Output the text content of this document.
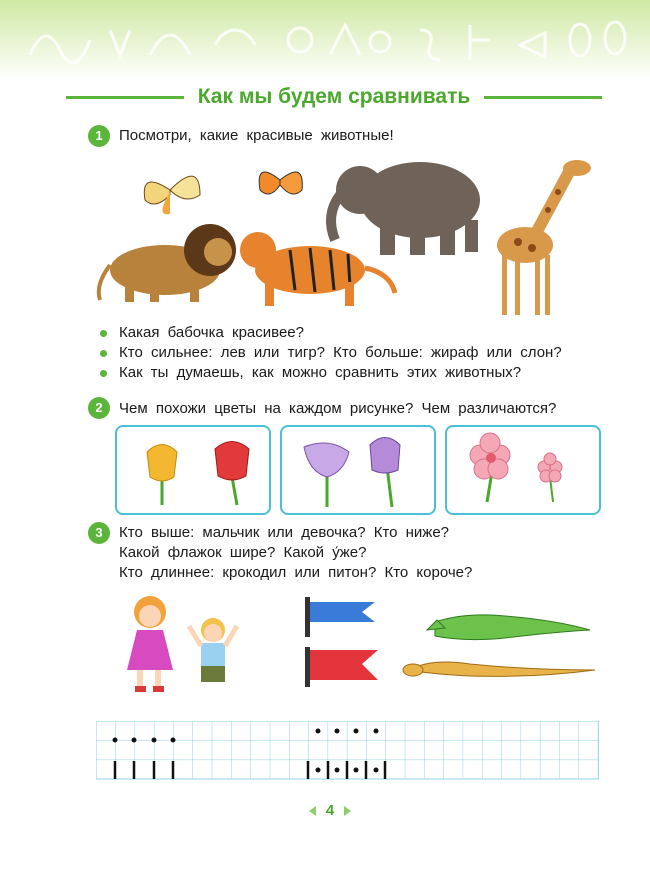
Как мы будем сравнивать
1	Посмотри, какие красивые животные!
Какая бабочка красивее?
Кто сильнее: лев или тигр? Кто больше: жираф или слон?
Как ты думаешь, как можно сравнить этих животных?
2	Чем похожи цветы на каждом рисунке? Чем различаются?
3	Кто выше: мальчик или девочка? Кто ниже?
Какой флажок шире? Какой у́же?
Кто длиннее: крокодил или питон? Кто короче?
4
